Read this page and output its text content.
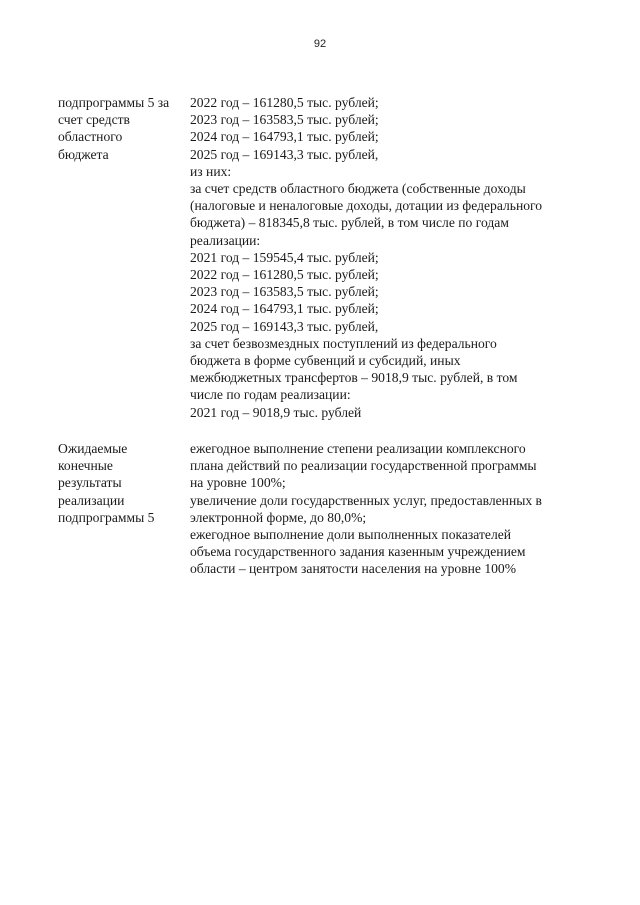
92
подпрограммы 5 за
счет средств
областного
бюджета
2022 год – 161280,5 тыс. рублей;
2023 год – 163583,5 тыс. рублей;
2024 год – 164793,1 тыс. рублей;
2025 год – 169143,3 тыс. рублей,
из них:
за счет средств областного бюджета (собственные доходы
(налоговые и неналоговые доходы, дотации из федерального
бюджета) – 818345,8 тыс. рублей, в том числе по годам
реализации:
2021 год – 159545,4 тыс. рублей;
2022 год – 161280,5 тыс. рублей;
2023 год – 163583,5 тыс. рублей;
2024 год – 164793,1 тыс. рублей;
2025 год – 169143,3 тыс. рублей,
за счет безвозмездных поступлений из федерального
бюджета в форме субвенций и субсидий, иных
межбюджетных трансфертов – 9018,9 тыс. рублей, в том
числе по годам реализации:
2021 год – 9018,9 тыс. рублей
Ожидаемые
конечные
результаты
реализации
подпрограммы 5
ежегодное выполнение степени реализации комплексного
плана действий по реализации государственной программы
на уровне 100%;
увеличение доли государственных услуг, предоставленных в
электронной форме, до 80,0%;
ежегодное выполнение доли выполненных показателей
объема государственного задания казенным учреждением
области – центром занятости населения на уровне 100%
